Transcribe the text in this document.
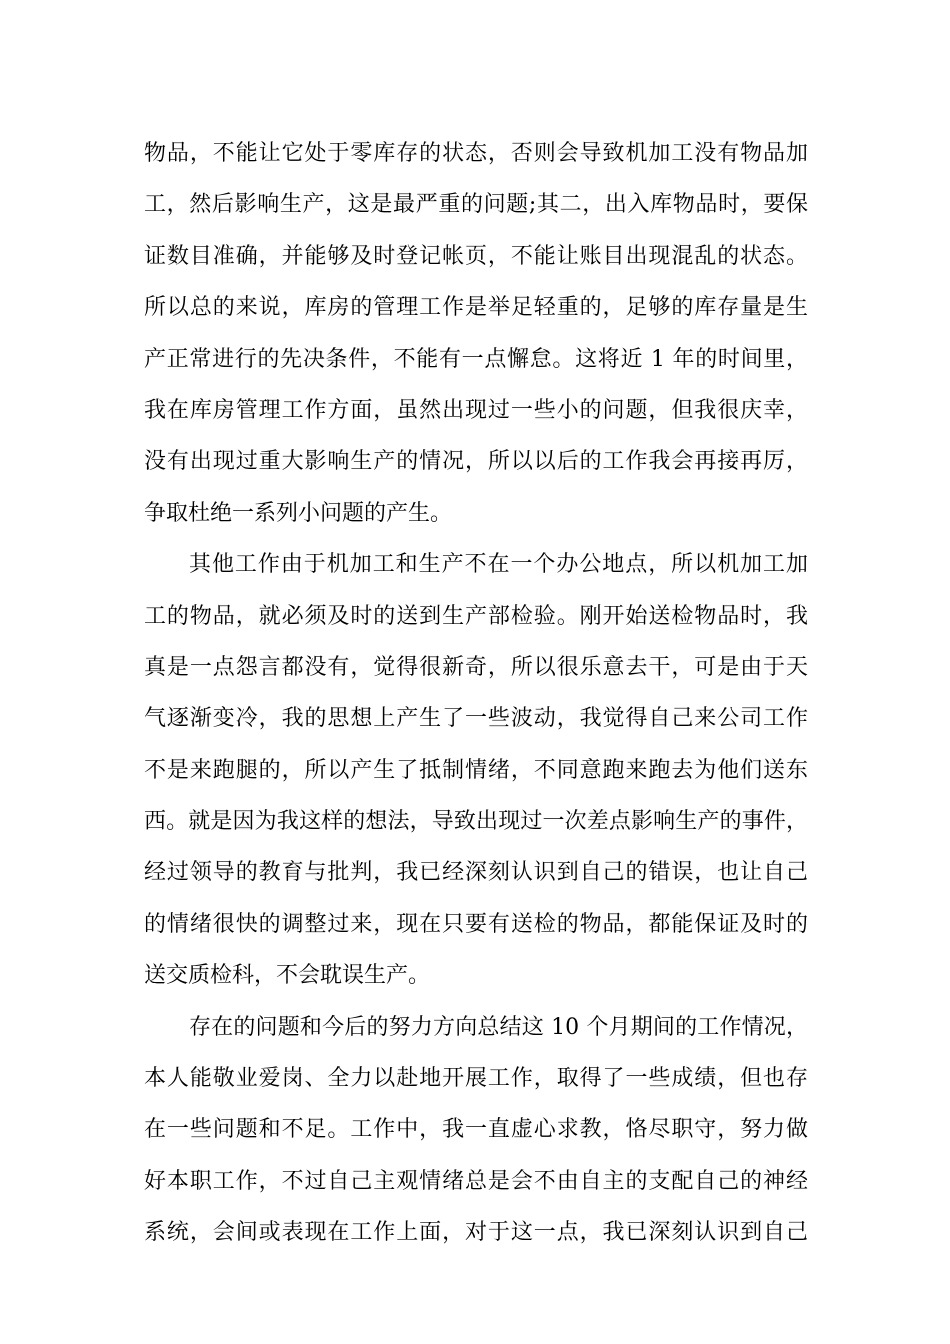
物品，不能让它处于零库存的状态，否则会导致机加工没有物品加
工，然后影响生产，这是最严重的问题;其二，出入库物品时，要保
证数目准确，并能够及时登记帐页，不能让账目出现混乱的状态。
所以总的来说，库房的管理工作是举足轻重的，足够的库存量是生
产正常进行的先决条件，不能有一点懈怠。这将近 1 年的时间里，
我在库房管理工作方面，虽然出现过一些小的问题，但我很庆幸，
没有出现过重大影响生产的情况，所以以后的工作我会再接再厉，
争取杜绝一系列小问题的产生。
其他工作由于机加工和生产不在一个办公地点，所以机加工加
工的物品，就必须及时的送到生产部检验。刚开始送检物品时，我
真是一点怨言都没有，觉得很新奇，所以很乐意去干，可是由于天
气逐渐变冷，我的思想上产生了一些波动，我觉得自己来公司工作
不是来跑腿的，所以产生了抵制情绪，不同意跑来跑去为他们送东
西。就是因为我这样的想法，导致出现过一次差点影响生产的事件，
经过领导的教育与批判，我已经深刻认识到自己的错误，也让自己
的情绪很快的调整过来，现在只要有送检的物品，都能保证及时的
送交质检科，不会耽误生产。
存在的问题和今后的努力方向总结这 10 个月期间的工作情况，
本人能敬业爱岗、全力以赴地开展工作，取得了一些成绩，但也存
在一些问题和不足。工作中，我一直虚心求教，恪尽职守，努力做
好本职工作，不过自己主观情绪总是会不由自主的支配自己的神经
系统，会间或表现在工作上面，对于这一点，我已深刻认识到自己
